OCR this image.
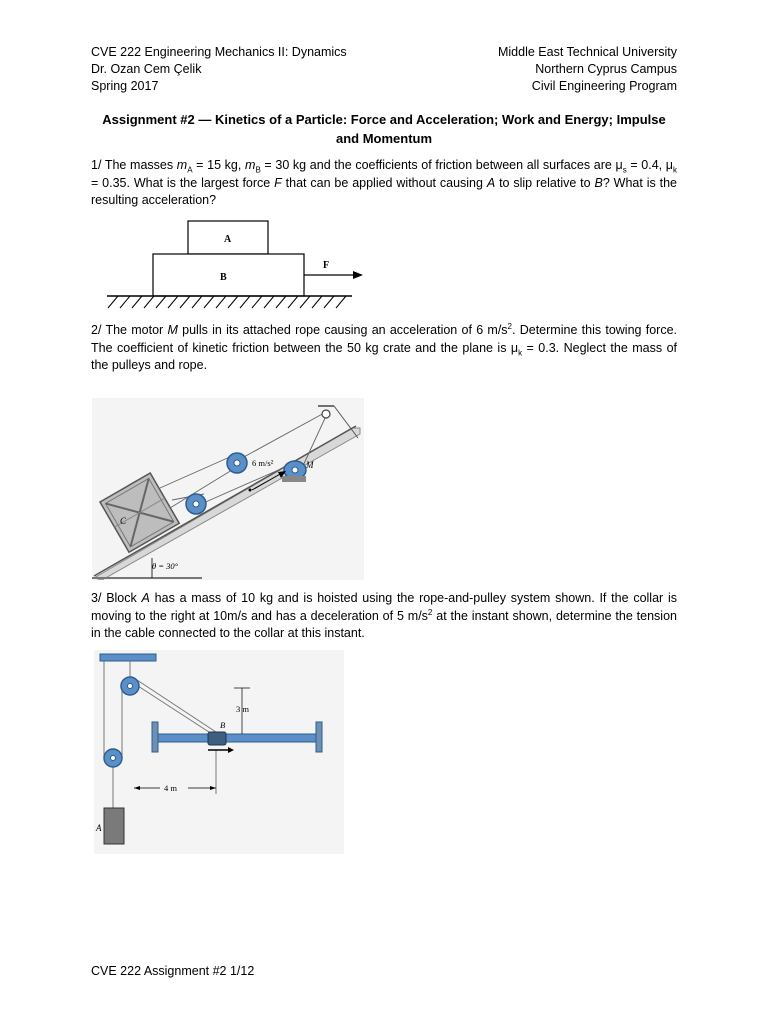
CVE 222 Engineering Mechanics II: Dynamics
Dr. Ozan Cem Çelik
Spring 2017
Middle East Technical University
Northern Cyprus Campus
Civil Engineering Program
Assignment #2 — Kinetics of a Particle: Force and Acceleration; Work and Energy; Impulse and Momentum
1/ The masses $m_A = 15$ kg, $m_B = 30$ kg and the coefficients of friction between all surfaces are $\mu_s = 0.4$, $\mu_k = 0.35$. What is the largest force F that can be applied without causing A to slip relative to B? What is the resulting acceleration?
A
B
F
2/ The motor M pulls in its attached rope causing an acceleration of 6 $m/s^2$. Determine this towing force. The coefficient of kinetic friction between the 50 kg crate and the plane is $\mu_k = 0.3$. Neglect the mass of the pulleys and rope.
C
M
6 m/s²
θ = 30°
3/ Block A has a mass of 10 kg and is hoisted using the rope-and-pulley system shown. If the collar is moving to the right at 10m/s and has a deceleration of 5 $m/s^2$ at the instant shown, determine the tension in the cable connected to the collar at this instant.
A
B
3 m
4 m
CVE 222 Assignment #2 1/12
